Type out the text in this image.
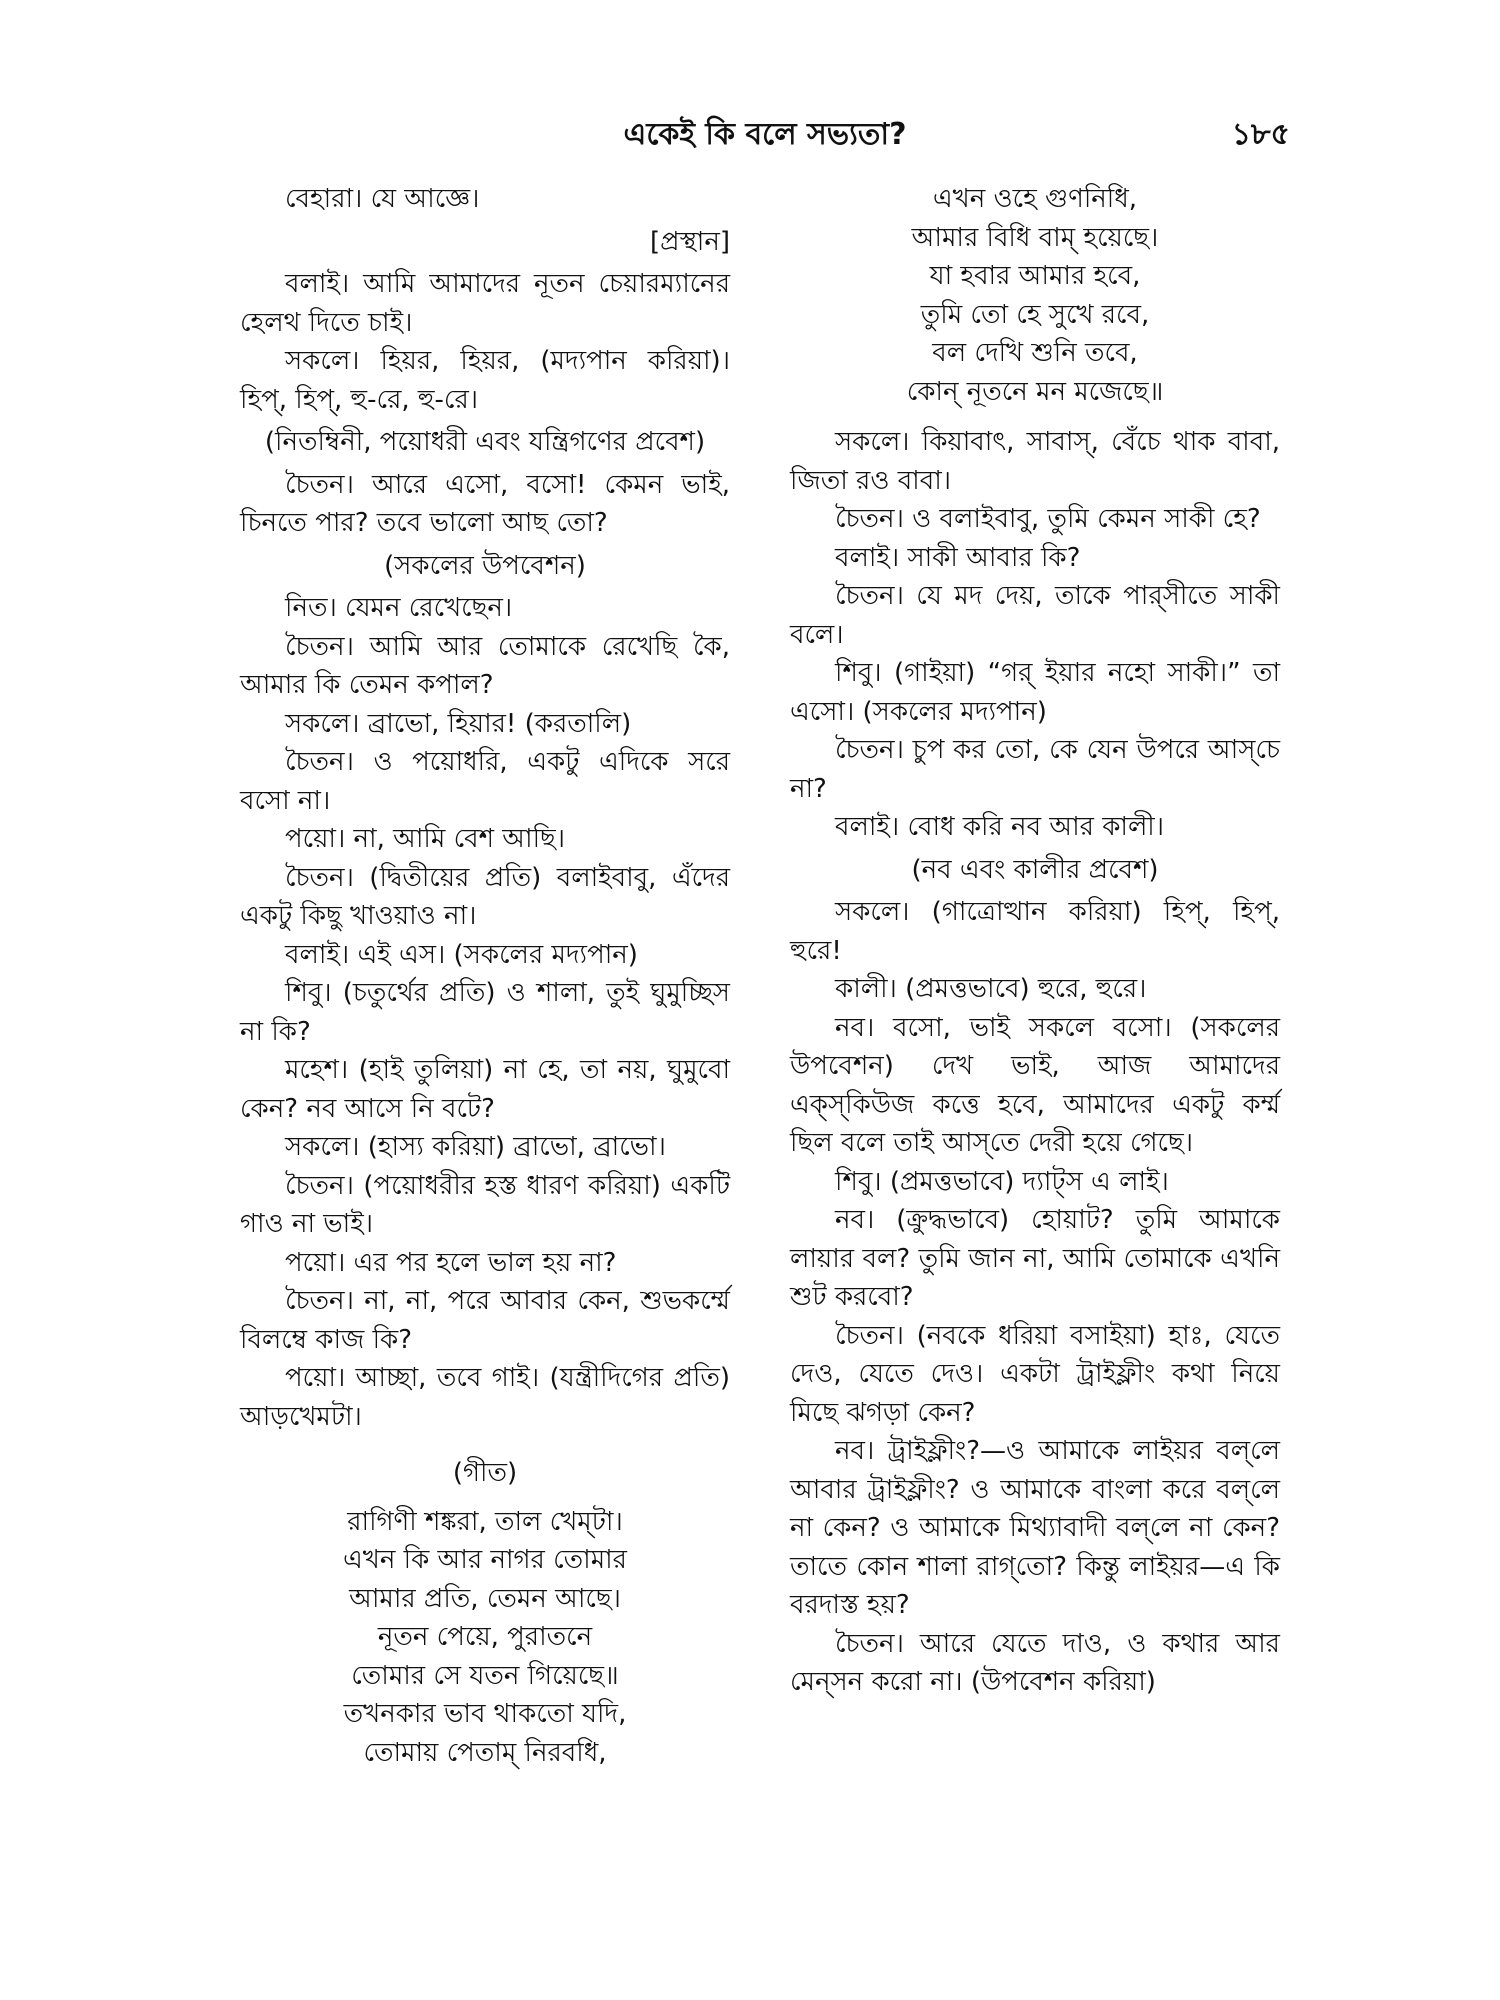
একেই কি বলে সভ্যতা?	১৮৫

বেহারা। যে আজ্ঞে।

[প্রস্থান]

বলাই। আমি আমাদের নূতন চেয়ারম্যানের হেলথ দিতে চাই।

সকলে। হিয়র, হিয়র, (মদ্যপান করিয়া)। হিপ্, হিপ্, হু-রে, হু-রে।

(নিতম্বিনী, পয়োধরী এবং যন্ত্রিগণের প্রবেশ)

চৈতন। আরে এসো, বসো! কেমন ভাই, চিনতে পার? তবে ভালো আছ তো?

(সকলের উপবেশন)

নিত। যেমন রেখেছেন।

চৈতন। আমি আর তোমাকে রেখেছি কৈ, আমার কি তেমন কপাল?

সকলে। ব্রাভো, হিয়ার! (করতালি)

চৈতন। ও পয়োধরি, একটু এদিকে সরে বসো না।

পয়ো। না, আমি বেশ আছি।

চৈতন। (দ্বিতীয়ের প্রতি) বলাইবাবু, এঁদের একটু কিছু খাওয়াও না।

বলাই। এই এস। (সকলের মদ্যপান)

শিবু। (চতুর্থের প্রতি) ও শালা, তুই ঘুমুচ্ছিস না কি?

মহেশ। (হাই তুলিয়া) না হে, তা নয়, ঘুমুবো কেন? নব আসে নি বটে?

সকলে। (হাস্য করিয়া) ব্রাভো, ব্রাভো।

চৈতন। (পয়োধরীর হস্ত ধারণ করিয়া) একটি গাও না ভাই।

পয়ো। এর পর হলে ভাল হয় না?

চৈতন। না, না, পরে আবার কেন, শুভকর্ম্মে বিলম্বে কাজ কি?

পয়ো। আচ্ছা, তবে গাই। (যন্ত্রীদিগের প্রতি) আড়খেমটা।

(গীত)

রাগিণী শঙ্করা, তাল খেম্‌টা।
এখন কি আর নাগর তোমার
আমার প্রতি, তেমন আছে।
নূতন পেয়ে, পুরাতনে
তোমার সে যতন গিয়েছে॥
তখনকার ভাব থাকতো যদি,
তোমায় পেতাম্ নিরবধি,

এখন ওহে গুণনিধি,
আমার বিধি বাম্ হয়েছে।
যা হবার আমার হবে,
তুমি তো হে সুখে রবে,
বল দেখি শুনি তবে,
কোন্ নূতনে মন মজেছে॥

সকলে। কিয়াবাৎ, সাবাস্, বেঁচে থাক বাবা, জিতা রও বাবা।

চৈতন। ও বলাইবাবু, তুমি কেমন সাকী হে?

বলাই। সাকী আবার কি?

চৈতন। যে মদ দেয়, তাকে পার্‌সীতে সাকী বলে।

শিবু। (গাইয়া) “গর্ ইয়ার নহো সাকী।” তা এসো। (সকলের মদ্যপান)

চৈতন। চুপ কর তো, কে যেন উপরে আস্‌চে না?

বলাই। বোধ করি নব আর কালী।

(নব এবং কালীর প্রবেশ)

সকলে। (গাত্রোত্থান করিয়া) হিপ্, হিপ্, হুরে!

কালী। (প্রমত্তভাবে) হুরে, হুরে।

নব। বসো, ভাই সকলে বসো। (সকলের উপবেশন) দেখ ভাই, আজ আমাদের এক্‌স্‌কিউজ কত্তে হবে, আমাদের একটু কৰ্ম্ম ছিল বলে তাই আস্‌তে দেরী হয়ে গেছে।

শিবু। (প্রমত্তভাবে) দ্যাট্‌স এ লাই।

নব। (ক্রুদ্ধভাবে) হোয়াট? তুমি আমাকে লায়ার বল? তুমি জান না, আমি তোমাকে এখনি শুট করবো?

চৈতন। (নবকে ধরিয়া বসাইয়া) হাঃ, যেতে দেও, যেতে দেও। একটা ট্রাইফ্লীং কথা নিয়ে মিছে ঝগড়া কেন?

নব। ট্রাইফ্লীং?—ও আমাকে লাইয়র বল্‌লে আবার ট্রাইফ্লীং? ও আমাকে বাংলা করে বল্‌লে না কেন? ও আমাকে মিথ্যাবাদী বল্‌লে না কেন? তাতে কোন শালা রাগ্‌তো? কিন্তু লাইয়র—এ কি বরদাস্ত হয়?

চৈতন। আরে যেতে দাও, ও কথার আর মেন্‌সন করো না। (উপবেশন করিয়া)
